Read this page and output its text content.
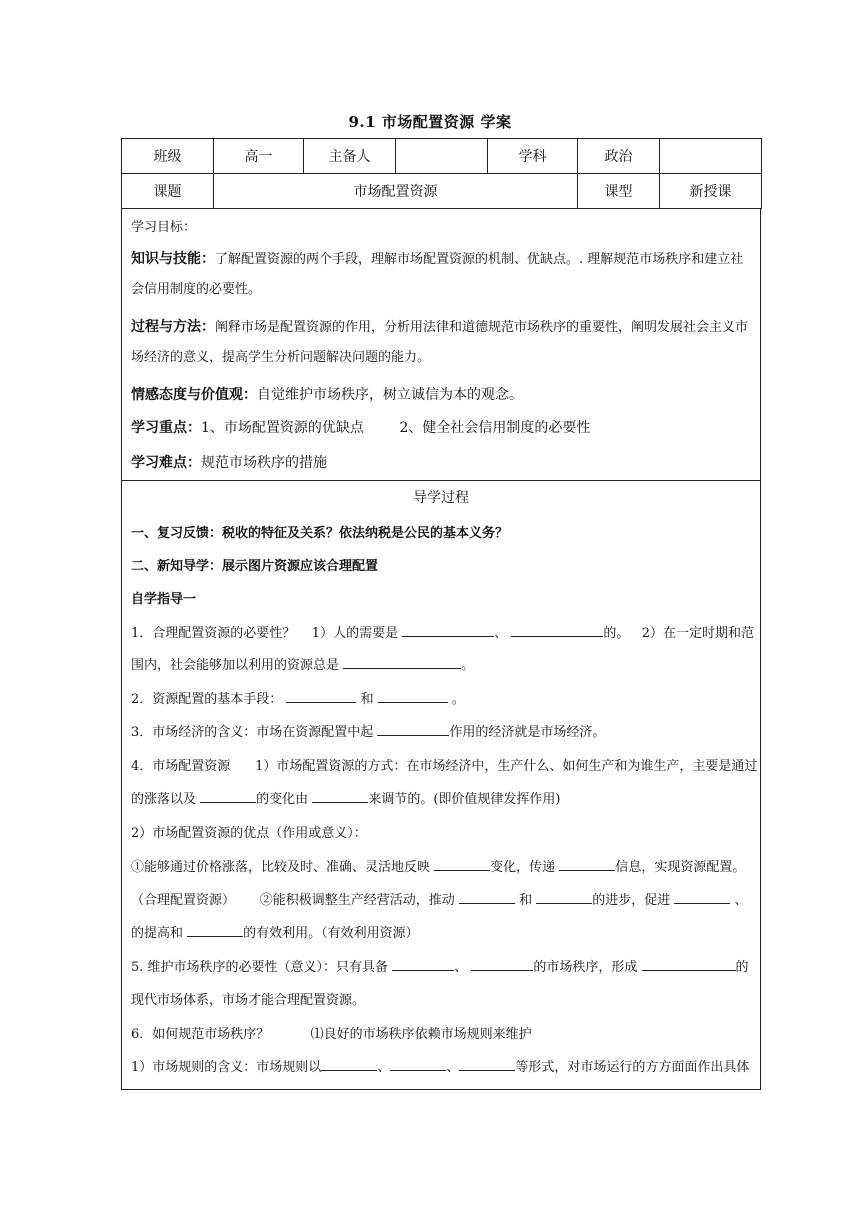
9.1 市场配置资源 学案
班级	高一	主备人		学科	政治	
课题	市场配置资源				课型	新授课
学习目标：
知识与技能：了解配置资源的两个手段，理解市场配置资源的机制、优缺点。. 理解规范市场秩序和建立社会信用制度的必要性。
过程与方法：阐释市场是配置资源的作用，分析用法律和道德规范市场秩序的重要性，阐明发展社会主义市场经济的意义，提高学生分析问题解决问题的能力。
情感态度与价值观：自觉维护市场秩序，树立诚信为本的观念。
学习重点：1、市场配置资源的优缺点        2、健全社会信用制度的必要性
学习难点：规范市场秩序的措施
导学过程
一、复习反馈：税收的特征及关系？依法纳税是公民的基本义务？
二、新知导学：展示图片资源应该合理配置
自学指导一
1．合理配置资源的必要性？    1）人的需要是	、	的。   2）在一定时期和范
围内，社会能够加以利用的资源总是	。
2．资源配置的基本手段：	和	。
3．市场经济的含义：市场在资源配置中起	作用的经济就是市场经济。
4．市场配置资源      1）市场配置资源的方式：在市场经济中，生产什么、如何生产和为谁生产，主要是通过
的涨落以及	的变化由	来调节的。(即价值规律发挥作用)
2）市场配置资源的优点（作用或意义）：
①能够通过价格涨落，比较及时、准确、灵活地反映	变化，传递	信息，实现资源配置。
（合理配置资源）      ②能积极调整生产经营活动，推动	和	的进步，促进	、
的提高和	的有效利用。（有效利用资源）
5. 维护市场秩序的必要性（意义）：只有具备	、	的市场秩序，形成	的
现代市场体系，市场才能合理配置资源。
6．如何规范市场秩序？          ⑴良好的市场秩序依赖市场规则来维护
1）市场规则的含义：市场规则以	、	、	等形式，对市场运行的方方面面作出具体
